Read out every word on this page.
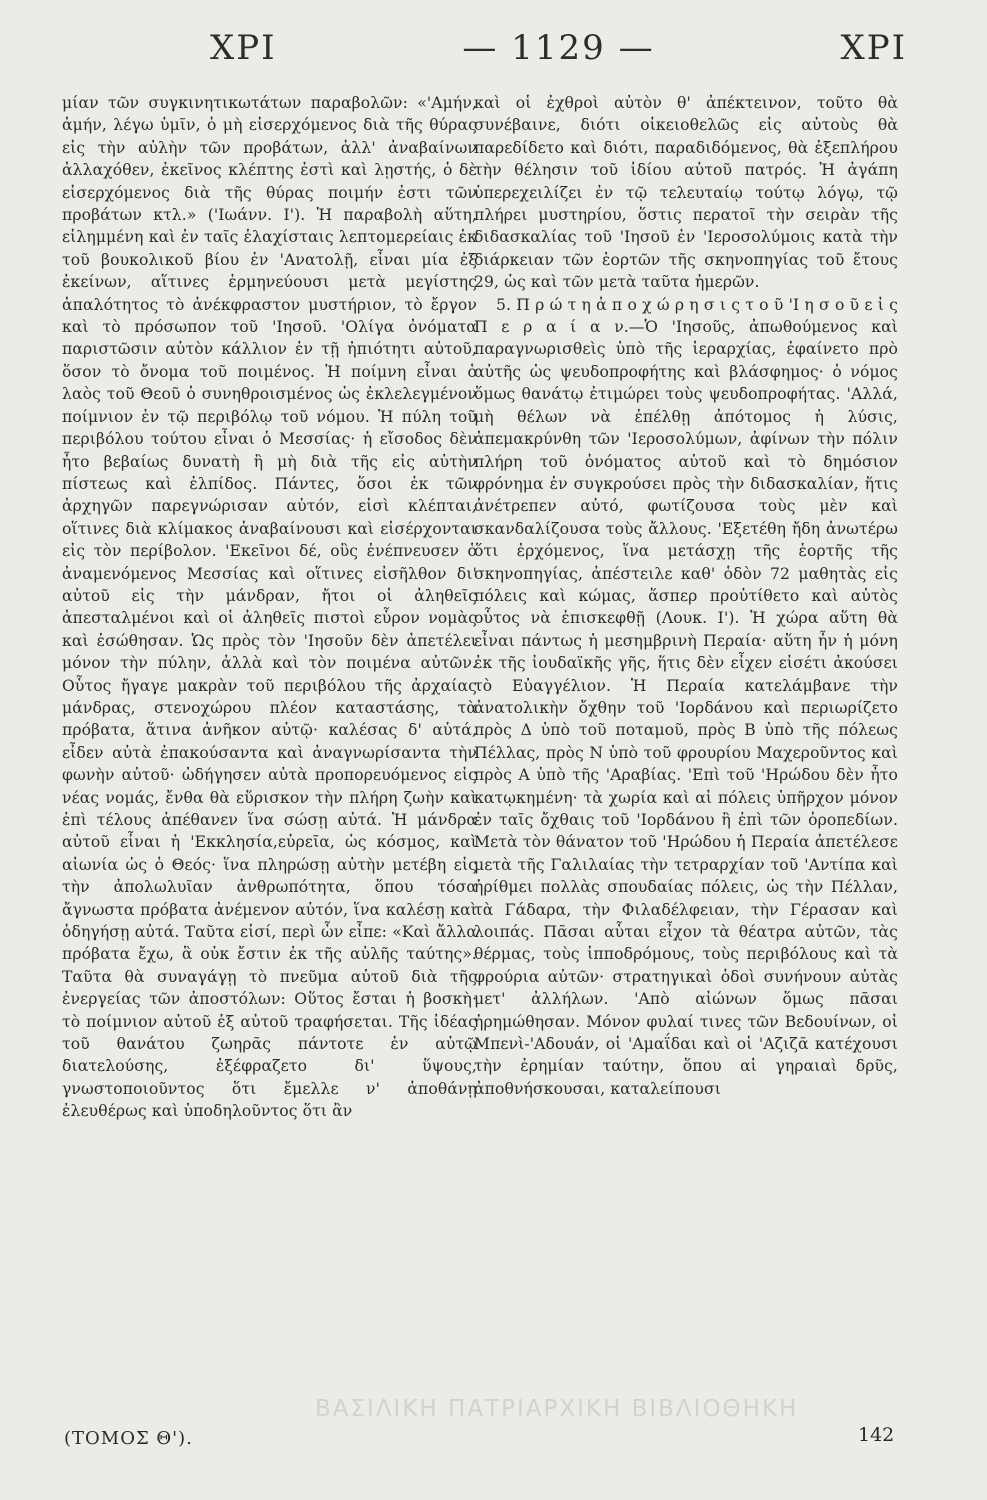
ΧΡΙ	— 1129 —	ΧΡΙ

μίαν τῶν συγκινητικωτάτων παραβολῶν: «'Αμήν, ἀμήν, λέγω ὑμῖν, ὁ μὴ εἰσερχόμενος διὰ τῆς θύρας εἰς τὴν αὐλὴν τῶν προβάτων, ἀλλ' ἀναβαίνων ἀλλαχόθεν, ἐκεῖνος κλέπτης ἐστὶ καὶ λῃστής, ὁ δὲ εἰσερχόμενος διὰ τῆς θύρας ποιμήν ἐστι τῶν προβάτων κτλ.» ('Ιωάνν. Ι'). Ἡ παραβολὴ αὕτη, εἰλημμένη καὶ ἐν ταῖς ἐλαχίσταις λεπτομερείαις ἐκ τοῦ βουκολικοῦ βίου ἐν 'Ανατολῇ, εἶναι μία ἐξ ἐκείνων, αἵτινες ἑρμηνεύουσι μετὰ μεγίστης ἁπαλότητος τὸ ἀνέκφραστον μυστήριον, τὸ ἔργον καὶ τὸ πρόσωπον τοῦ 'Ιησοῦ. 'Ολίγα ὀνόματα παριστῶσιν αὐτὸν κάλλιον ἐν τῇ ἠπιότητι αὐτοῦ, ὅσον τὸ ὄνομα τοῦ ποιμένος. Ἡ ποίμνη εἶναι ὁ λαὸς τοῦ Θεοῦ ὁ συνηθροισμένος ὡς ἐκλελεγμένον ποίμνιον ἐν τῷ περιβόλῳ τοῦ νόμου. Ἡ πύλη τοῦ περιβόλου τούτου εἶναι ὁ Μεσσίας· ἡ εἴσοδος δὲν ἦτο βεβαίως δυνατὴ ἢ μὴ διὰ τῆς εἰς αὐτὴν πίστεως καὶ ἐλπίδος. Πάντες, ὅσοι ἐκ τῶν ἀρχηγῶν παρεγνώρισαν αὐτόν, εἰσὶ κλέπται, οἵτινες διὰ κλίμακος ἀναβαίνουσι καὶ εἰσέρχονται εἰς τὸν περίβολον. 'Εκεῖνοι δέ, οὓς ἐνέπνευσεν ὁ ἀναμενόμενος Μεσσίας καὶ οἵτινες εἰσῆλθον δι' αὐτοῦ εἰς τὴν μάνδραν, ἤτοι οἱ ἀληθεῖς ἀπεσταλμένοι καὶ οἱ ἀληθεῖς πιστοὶ εὗρον νομὰς καὶ ἐσώθησαν. Ὡς πρὸς τὸν 'Ιησοῦν δὲν ἀπετέλει μόνον τὴν πύλην, ἀλλὰ καὶ τὸν ποιμένα αὐτῶν. Οὗτος ἤγαγε μακρὰν τοῦ περιβόλου τῆς ἀρχαίας μάνδρας, στενοχώρου πλέον καταστάσης, τὰ πρόβατα, ἅτινα ἀνῆκον αὐτῷ· καλέσας δ' αὐτά, εἶδεν αὐτὰ ἐπακούσαντα καὶ ἀναγνωρίσαντα τὴν φωνὴν αὐτοῦ· ὡδήγησεν αὐτὰ προπορευόμενος εἰς νέας νομάς, ἔνθα θὰ εὕρισκον τὴν πλήρη ζωὴν καὶ ἐπὶ τέλους ἀπέθανεν ἵνα σώσῃ αὐτά. Ἡ μάνδρα αὐτοῦ εἶναι ἡ 'Εκκλησία,εὐρεῖα, ὡς κόσμος, καὶ αἰωνία ὡς ὁ Θεός· ἵνα πληρώσῃ αὐτὴν μετέβη εἰς τὴν ἀπολωλυῖαν ἀνθρωπότητα, ὅπου τόσα ἄγνωστα πρόβατα ἀνέμενον αὐτόν, ἵνα καλέσῃ καὶ ὁδηγήσῃ αὐτά. Ταῦτα εἰσί, περὶ ὧν εἶπε: «Καὶ ἄλλα πρόβατα ἔχω, ἃ οὐκ ἔστιν ἐκ τῆς αὐλῆς ταύτης». Ταῦτα θὰ συναγάγῃ τὸ πνεῦμα αὐτοῦ διὰ τῆς ἐνεργείας τῶν ἀποστόλων: Οὕτος ἔσται ἡ βοσκὴ· τὸ ποίμνιον αὐτοῦ ἐξ αὐτοῦ τραφήσεται. Τῆς ἰδέας τοῦ θανάτου ζωηρᾶς πάντοτε ἐν αὐτῷ διατελούσης, ἐξέφραζετο δι' ὕψους, γνωστοποιοῦντος ὅτι ἔμελλε ν' ἀποθάνῃ ἐλευθέρως καὶ ὑποδηλοῦντος ὅτι ἂν

καὶ οἱ ἐχθροὶ αὐτὸν θ' ἀπέκτεινον, τοῦτο θὰ συνέβαινε, διότι οἰκειοθελῶς εἰς αὐτοὺς θὰ παρεδίδετο καὶ διότι, παραδιδόμενος, θὰ ἐξεπλήρου τὴν θέλησιν τοῦ ἰδίου αὐτοῦ πατρός. Ἡ ἀγάπη ὑπερεχειλίζει ἐν τῷ τελευταίῳ τούτῳ λόγῳ, τῷ πλήρει μυστηρίου, ὅστις περατοῖ τὴν σειρὰν τῆς διδασκαλίας τοῦ 'Ιησοῦ ἐν 'Ιεροσολύμοις κατὰ τὴν διάρκειαν τῶν ἑορτῶν τῆς σκηνοπηγίας τοῦ ἔτους 29, ὡς καὶ τῶν μετὰ ταῦτα ἡμερῶν.

5. Π ρ ώ τ η ἀ π ο χ ώ ρ η σ ι ς τ ο ῦ 'Ι η σ ο ῦ ε ἰ ς Π ε ρ α ί α ν.—Ὁ 'Ιησοῦς, ἀπωθούμενος καὶ παραγνωρισθεὶς ὑπὸ τῆς ἱεραρχίας, ἐφαίνετο πρὸ αὐτῆς ὡς ψευδοπροφήτης καὶ βλάσφημος· ὁ νόμος ὅμως θανάτῳ ἐτιμώρει τοὺς ψευδοπροφήτας. 'Αλλά, μὴ θέλων νὰ ἐπέλθῃ ἀπότομος ἡ λύσις, ἀπεμακρύνθη τῶν 'Ιεροσολύμων, ἀφίνων τὴν πόλιν πλήρη τοῦ ὀνόματος αὐτοῦ καὶ τὸ δημόσιον φρόνημα ἐν συγκρούσει πρὸς τὴν διδασκαλίαν, ἥτις ἀνέτρεπεν αὐτό, φωτίζουσα τοὺς μὲν καὶ σκανδαλίζουσα τοὺς ἄλλους. 'Εξετέθη ἤδη ἀνωτέρω ὅτι ἐρχόμενος, ἵνα μετάσχῃ τῆς ἑορτῆς τῆς σκηνοπηγίας, ἀπέστειλε καθ' ὁδὸν 72 μαθητὰς εἰς πόλεις καὶ κώμας, ἅσπερ προὐτίθετο καὶ αὐτὸς οὗτος νὰ ἐπισκεφθῇ (Λουκ. Ι'). Ἡ χώρα αὕτη θὰ εἶναι πάντως ἡ μεσημβρινὴ Περαία· αὕτη ἦν ἡ μόνη ἐκ τῆς ἰουδαϊκῆς γῆς, ἥτις δὲν εἶχεν εἰσέτι ἀκούσει τὸ Εὐαγγέλιον. Ἡ Περαία κατελάμβανε τὴν ἀνατολικὴν ὄχθην τοῦ 'Ιορδάνου καὶ περιωρίζετο πρὸς Δ ὑπὸ τοῦ ποταμοῦ, πρὸς Β ὑπὸ τῆς πόλεως Πέλλας, πρὸς Ν ὑπὸ τοῦ φρουρίου Μαχεροῦντος καὶ πρὸς Α ὑπὸ τῆς 'Αραβίας. 'Επὶ τοῦ 'Ηρώδου δὲν ἦτο κατῳκημένη· τὰ χωρία καὶ αἱ πόλεις ὑπῆρχον μόνον ἐν ταῖς ὄχθαις τοῦ 'Ιορδάνου ἢ ἐπὶ τῶν ὀροπεδίων. Μετὰ τὸν θάνατον τοῦ 'Ηρώδου ἡ Περαία ἀπετέλεσε μετὰ τῆς Γαλιλαίας τὴν τετραρχίαν τοῦ 'Αντίπα καὶ ἠρίθμει πολλὰς σπουδαίας πόλεις, ὡς τὴν Πέλλαν, τὰ Γάδαρα, τὴν Φιλαδέλφειαν, τὴν Γέρασαν καὶ λοιπάς. Πᾶσαι αὗται εἶχον τὰ θέατρα αὐτῶν, τὰς θέρμας, τοὺς ἱπποδρόμους, τοὺς περιβόλους καὶ τὰ φρούρια αὐτῶν· στρατηγικαὶ ὁδοὶ συνήνουν αὐτὰς μετ' ἀλλήλων. 'Απὸ αἰώνων ὅμως πᾶσαι ἠρημώθησαν. Μόνον φυλαί τινες τῶν Βεδουίνων, οἱ Μπενὶ-'Αδουάν, οἱ 'Αμαΐδαι καὶ οἱ 'Αζιζᾶ κατέχουσι τὴν ἐρημίαν ταύτην, ὅπου αἱ γηραιαὶ δρῦς, ἀποθνήσκουσαι, καταλείπουσι

ΒΑΣΙΛΙΚΗ ΠΑΤΡΙΑΡΧΙΚΗ ΒΙΒΛΙΟΘΗΚΗ
(ΤΟΜΟΣ Θ').	142
